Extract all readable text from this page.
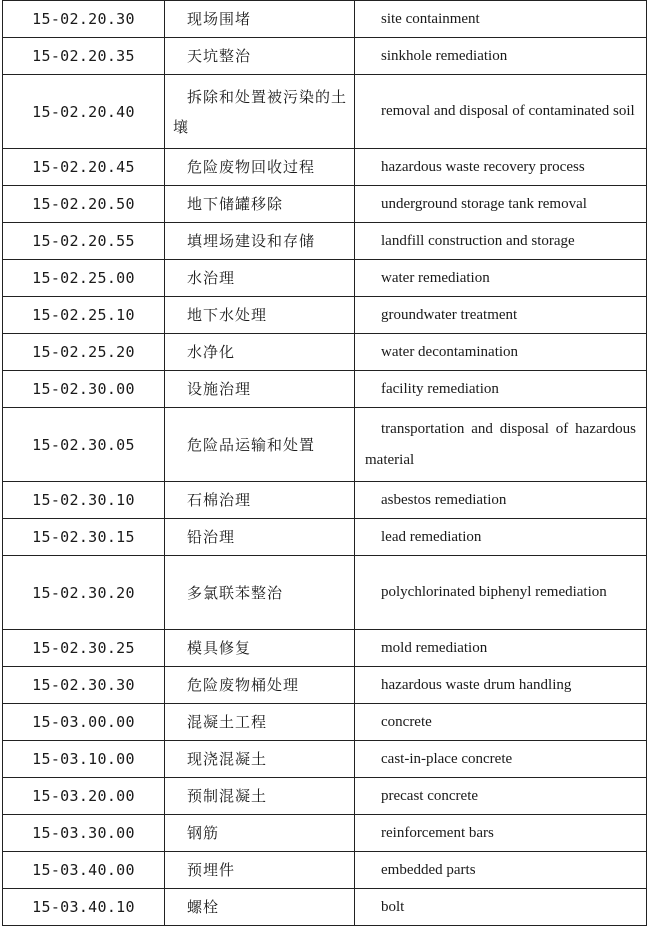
15-02.20.30	现场围堵	site containment
15-02.20.35	天坑整治	sinkhole remediation
15-02.20.40	拆除和处置被污染的土壤	removal and disposal of contaminated soil
15-02.20.45	危险废物回收过程	hazardous waste recovery process
15-02.20.50	地下储罐移除	underground storage tank removal
15-02.20.55	填埋场建设和存储	landfill construction and storage
15-02.25.00	水治理	water remediation
15-02.25.10	地下水处理	groundwater treatment
15-02.25.20	水净化	water decontamination
15-02.30.00	设施治理	facility remediation
15-02.30.05	危险品运输和处置	transportation and disposal of hazardous material
15-02.30.10	石棉治理	asbestos remediation
15-02.30.15	铅治理	lead remediation
15-02.30.20	多氯联苯整治	polychlorinated biphenyl remediation
15-02.30.25	模具修复	mold remediation
15-02.30.30	危险废物桶处理	hazardous waste drum handling
15-03.00.00	混凝土工程	concrete
15-03.10.00	现浇混凝土	cast-in-place concrete
15-03.20.00	预制混凝土	precast concrete
15-03.30.00	钢筋	reinforcement bars
15-03.40.00	预埋件	embedded parts
15-03.40.10	螺栓	bolt
